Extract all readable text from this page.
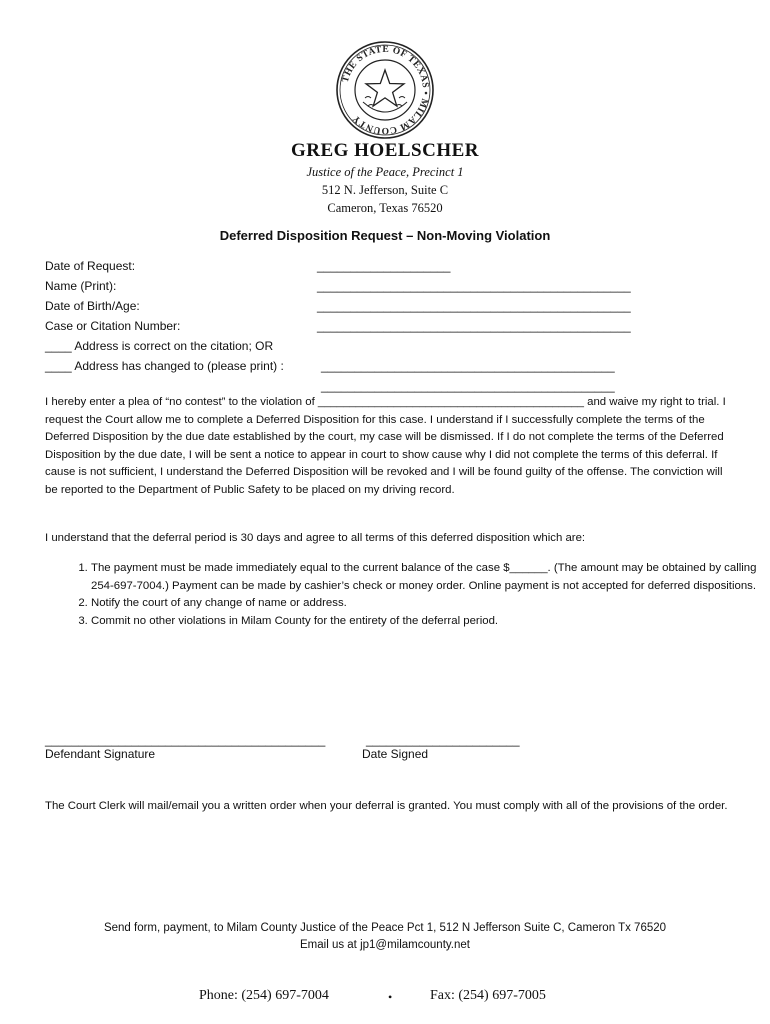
THE STATE OF TEXAS • MILAM COUNTY
GREG HOELSCHER
Justice of the Peace, Precinct 1
512 N. Jefferson, Suite C
Cameron, Texas 76520
Deferred Disposition Request – Non-Moving Violation
Date of Request:	____________________
Name (Print):	_______________________________________________
Date of Birth/Age:	_______________________________________________
Case or Citation Number:	_______________________________________________
____ Address is correct on the citation; OR
____ Address has changed to (please print) :	____________________________________________
____________________________________________
I hereby enter a plea of “no contest” to the violation of __________________________________________ and waive my right to trial. I request the Court allow me to complete a Deferred Disposition for this case. I understand if I successfully complete the terms of the Deferred Disposition by the due date established by the court, my case will be dismissed. If I do not complete the terms of the Deferred Disposition by the due date, I will be sent a notice to appear in court to show cause why I did not complete the terms of this deferral. If cause is not sufficient, I understand the Deferred Disposition will be revoked and I will be found guilty of the offense. The conviction will be reported to the Department of Public Safety to be placed on my driving record.
I understand that the deferral period is 30 days and agree to all terms of this deferred disposition which are:
1. The payment must be made immediately equal to the current balance of the case $______. (The amount may be obtained by calling 254-697-7004.) Payment can be made by cashier’s check or money order. Online payment is not accepted for deferred dispositions.
2. Notify the court of any change of name or address.
3. Commit no other violations in Milam County for the entirety of the deferral period.
__________________________________________
Defendant Signature
_______________________
Date Signed
The Court Clerk will mail/email you a written order when your deferral is granted. You must comply with all of the provisions of the order.
Send form, payment, to Milam County Justice of the Peace Pct 1, 512 N Jefferson Suite C, Cameron Tx 76520
Email us at jp1@milamcounty.net
Phone: (254) 697-7004	•	Fax: (254) 697-7005
